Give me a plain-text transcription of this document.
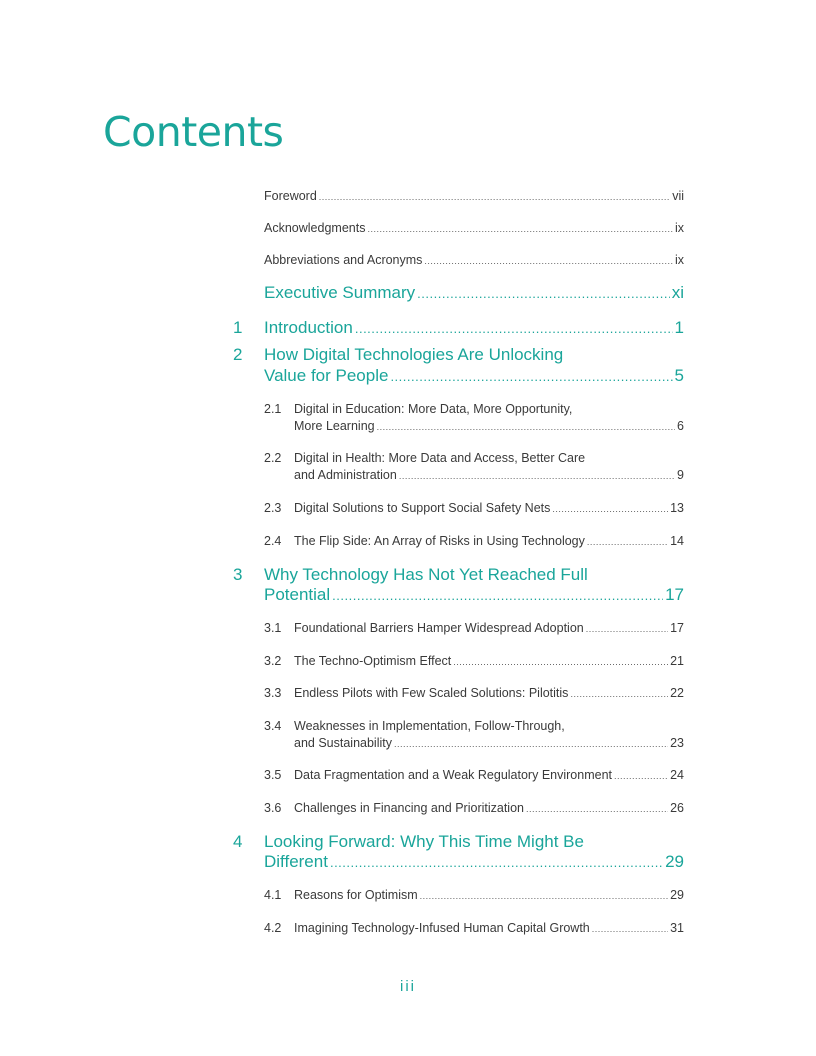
Contents
Foreword .....	vii
Acknowledgments .....	ix
Abbreviations and Acronyms .....	ix
Executive Summary .....	xi
1 Introduction .....	1
2 How Digital Technologies Are Unlocking
Value for People .....	5
2.1 Digital in Education: More Data, More Opportunity,
More Learning .....	6
2.2 Digital in Health: More Data and Access, Better Care
and Administration .....	9
2.3 Digital Solutions to Support Social Safety Nets .....	13
2.4 The Flip Side: An Array of Risks in Using Technology .....	14
3 Why Technology Has Not Yet Reached Full
Potential .....	17
3.1 Foundational Barriers Hamper Widespread Adoption .....	17
3.2 The Techno-Optimism Effect .....	21
3.3 Endless Pilots with Few Scaled Solutions: Pilotitis .....	22
3.4 Weaknesses in Implementation, Follow-Through,
and Sustainability .....	23
3.5 Data Fragmentation and a Weak Regulatory Environment .....	24
3.6 Challenges in Financing and Prioritization .....	26
4 Looking Forward: Why This Time Might Be
Different .....	29
4.1 Reasons for Optimism .....	29
4.2 Imagining Technology-Infused Human Capital Growth .....	31
iii
